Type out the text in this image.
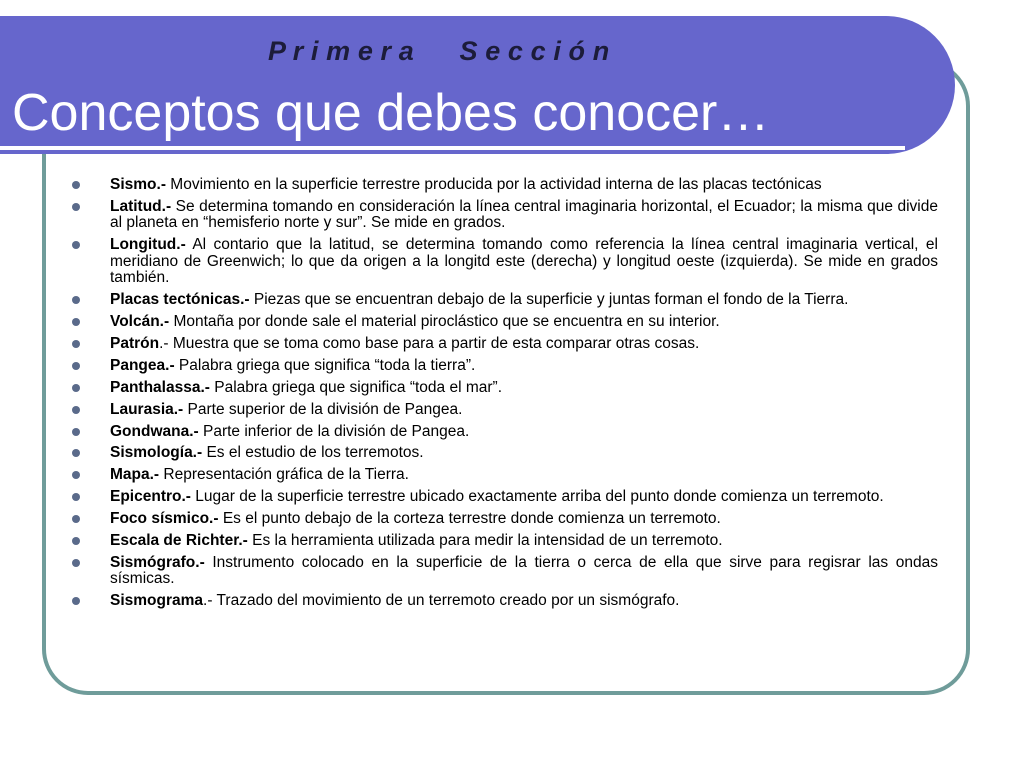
P r i m e r a      S e c c i ó n
Conceptos que debes conocer…
Sismo.- Movimiento en la superficie terrestre producida por la actividad interna de las placas tectónicas
Latitud.- Se determina tomando en consideración la línea central imaginaria horizontal, el Ecuador; la misma que divide al planeta en “hemisferio norte y sur”. Se mide en grados.
Longitud.- Al contario que la latitud, se determina tomando como referencia la línea central imaginaria vertical, el meridiano de Greenwich; lo que da origen a la longitd este (derecha) y longitud oeste (izquierda). Se mide en grados también.
Placas tectónicas.- Piezas que se encuentran debajo de la superficie y juntas forman el fondo de la Tierra.
Volcán.- Montaña por donde sale el material piroclástico que se encuentra en su interior.
Patrón.- Muestra que se toma como base para a partir de esta comparar otras cosas.
Pangea.- Palabra griega que significa “toda la tierra”.
Panthalassa.- Palabra griega que significa “toda el mar”.
Laurasia.- Parte superior de la división de Pangea.
Gondwana.- Parte inferior de la división de Pangea.
Sismología.- Es el estudio de los terremotos.
Mapa.- Representación gráfica de la Tierra.
Epicentro.- Lugar de la superficie terrestre ubicado exactamente arriba del punto donde comienza un terremoto.
Foco sísmico.- Es el punto debajo de la corteza terrestre donde comienza un terremoto.
Escala de Richter.- Es la herramienta utilizada para medir la intensidad de un terremoto.
Sismógrafo.- Instrumento colocado en la superficie de la tierra o cerca de ella que sirve para regisrar las ondas sísmicas.
Sismograma.- Trazado del movimiento de un terremoto creado por un sismógrafo.
